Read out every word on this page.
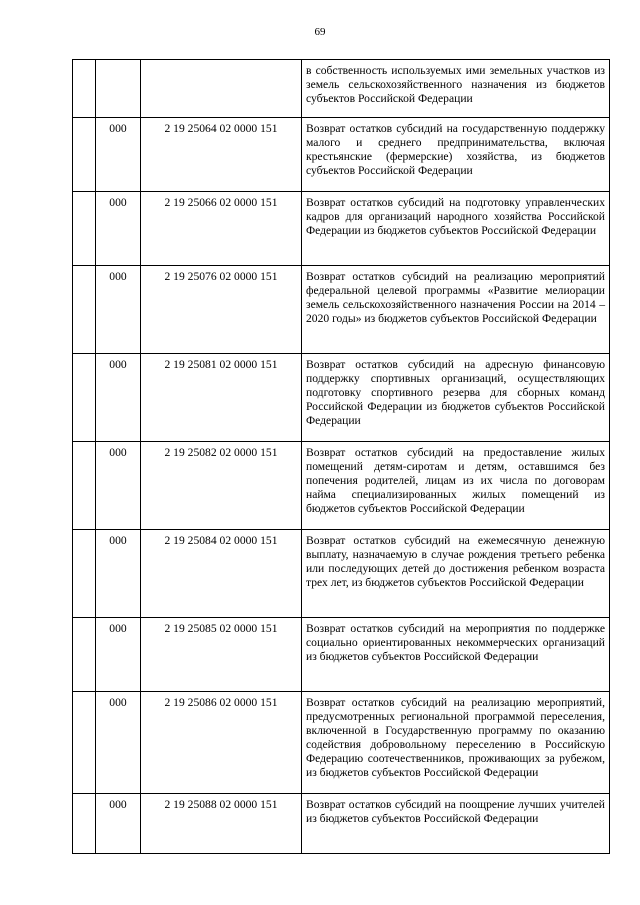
69
			в собственность используемых ими земельных участков из земель сельскохозяйственного назначения из бюджетов субъектов Российской Федерации
	000	2 19 25064 02 0000 151	Возврат остатков субсидий на государственную поддержку малого и среднего предпринимательства, включая крестьянские (фермерские) хозяйства, из бюджетов субъектов Российской Федерации
	000	2 19 25066 02 0000 151	Возврат остатков субсидий на подготовку управленческих кадров для организаций народного хозяйства Российской Федерации из бюджетов субъектов Российской Федерации
	000	2 19 25076 02 0000 151	Возврат остатков субсидий на реализацию мероприятий федеральной целевой программы «Развитие мелиорации земель сельскохозяйственного назначения России на 2014 – 2020 годы» из бюджетов субъектов Российской Федерации
	000	2 19 25081 02 0000 151	Возврат остатков субсидий на адресную финансовую поддержку спортивных организаций, осуществляющих подготовку спортивного резерва для сборных команд Российской Федерации из бюджетов субъектов Российской Федерации
	000	2 19 25082 02 0000 151	Возврат остатков субсидий на предоставление жилых помещений детям-сиротам и детям, оставшимся без попечения родителей, лицам из их числа по договорам найма специализированных жилых помещений из бюджетов субъектов Российской Федерации
	000	2 19 25084 02 0000 151	Возврат остатков субсидий на ежемесячную денежную выплату, назначаемую в случае рождения третьего ребенка или последующих детей до достижения ребенком возраста трех лет, из бюджетов субъектов Российской Федерации
	000	2 19 25085 02 0000 151	Возврат остатков субсидий на мероприятия по поддержке социально ориентированных некоммерческих организаций из бюджетов субъектов Российской Федерации
	000	2 19 25086 02 0000 151	Возврат остатков субсидий на реализацию мероприятий, предусмотренных региональной программой переселения, включенной в Государственную программу по оказанию содействия добровольному переселению в Российскую Федерацию соотечественников, проживающих за рубежом, из бюджетов субъектов Российской Федерации
	000	2 19 25088 02 0000 151	Возврат остатков субсидий на поощрение лучших учителей из бюджетов субъектов Российской Федерации
